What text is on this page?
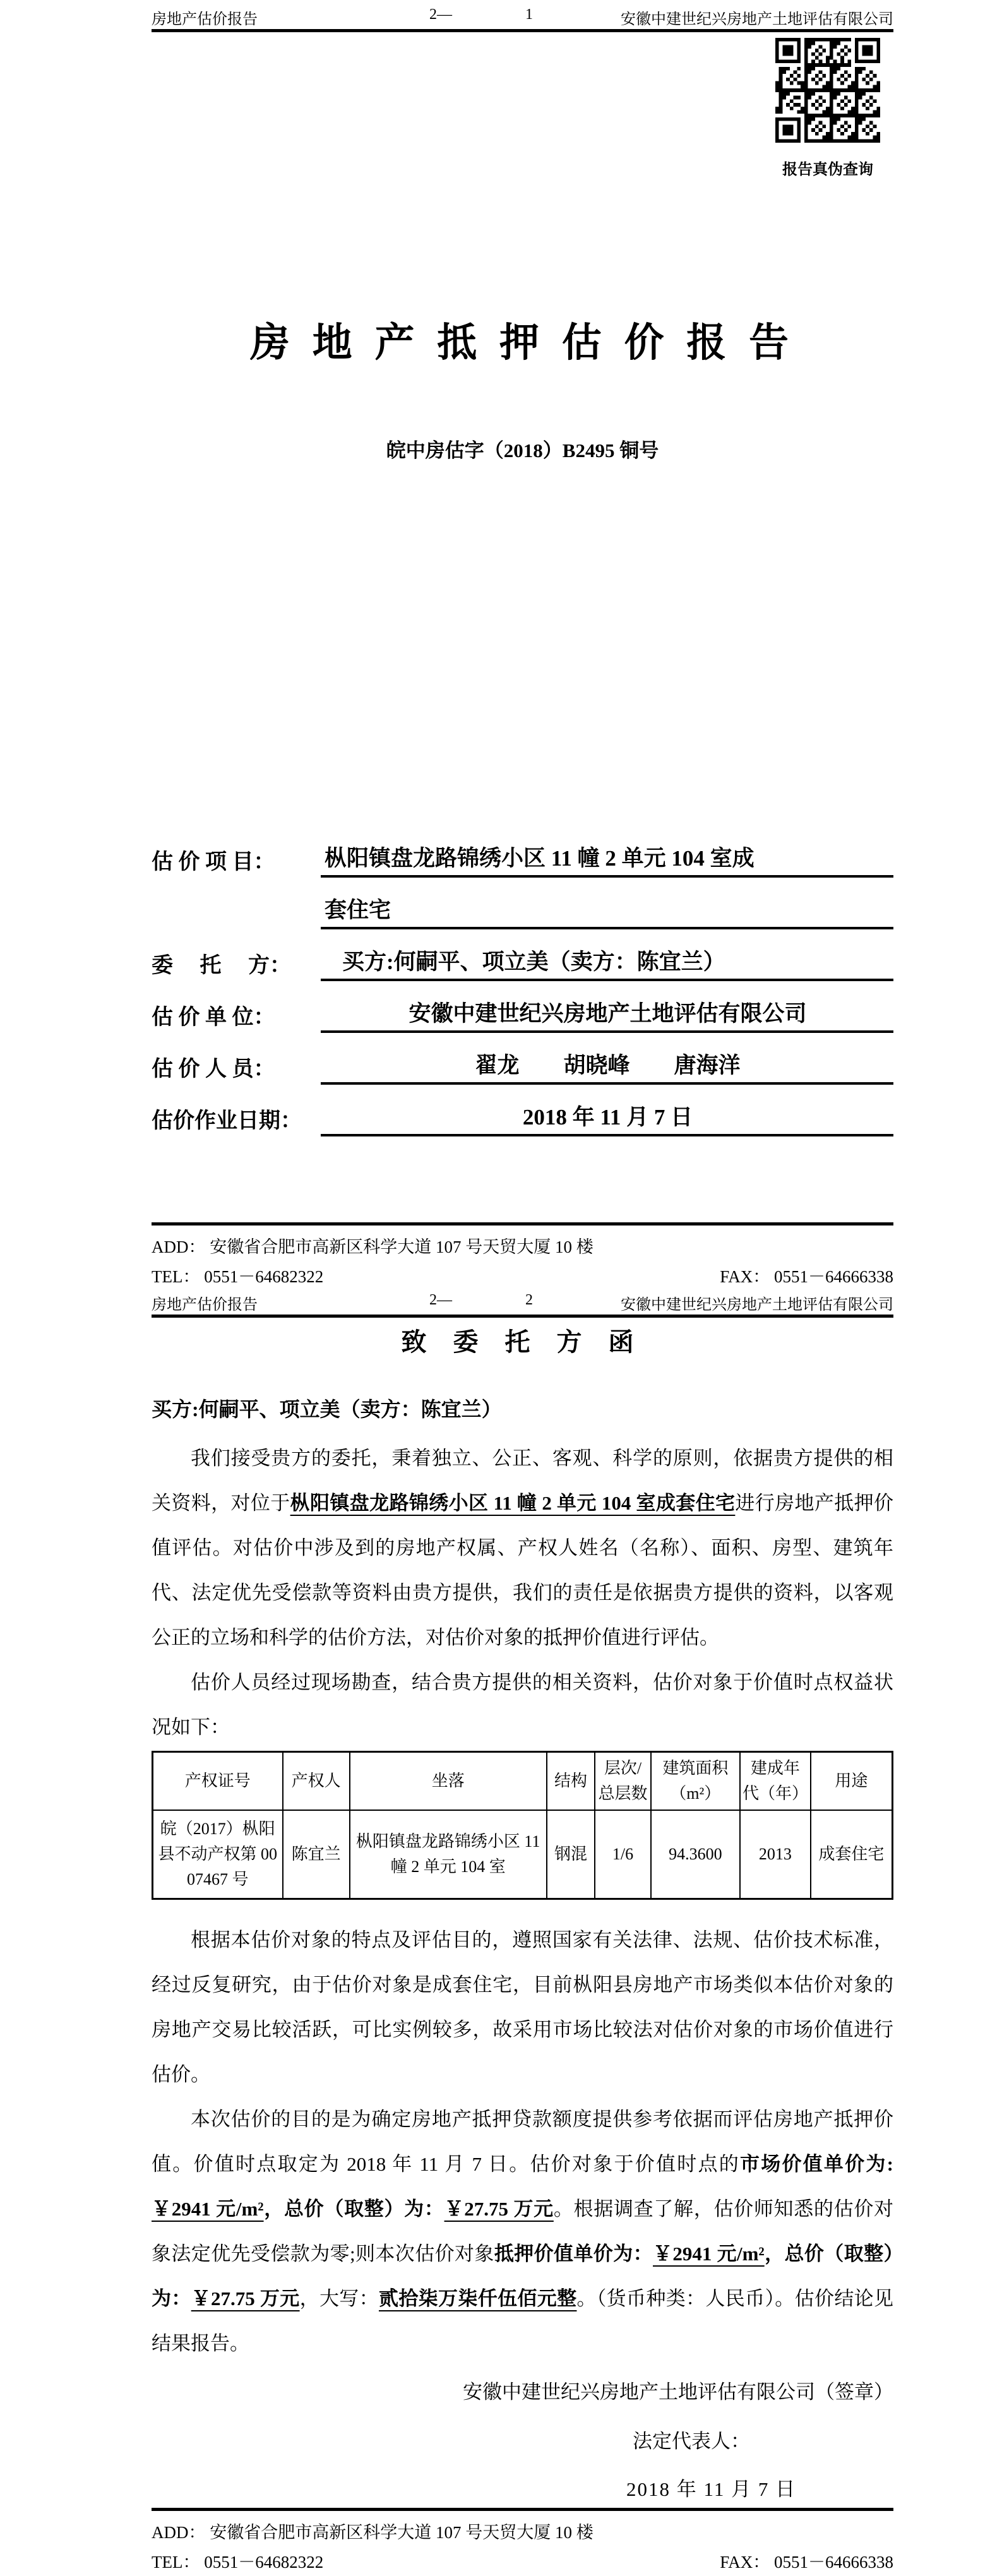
房地产估价报告	2—	1	安徽中建世纪兴房地产土地评估有限公司
报告真伪查询
房 地 产 抵 押 估 价 报 告
皖中房估字（2018）B2495 铜号
估 价 项 目：	枞阳镇盘龙路锦绣小区 11 幢 2 单元 104 室成
套住宅
委　 托　 方：	买方:何嗣平、项立美（卖方：陈宜兰）
估 价 单 位：	安徽中建世纪兴房地产土地评估有限公司
估 价 人 员：	翟龙　　胡晓峰　　唐海洋
估价作业日期：	2018 年 11 月 7 日
ADD： 安徽省合肥市高新区科学大道 107 号天贸大厦 10 楼
TEL： 0551－64682322	FAX： 0551－64666338
房地产估价报告	2—	2	安徽中建世纪兴房地产土地评估有限公司
致 委 托 方 函
买方:何嗣平、项立美（卖方：陈宜兰）

我们接受贵方的委托，秉着独立、公正、客观、科学的原则，依据贵方提供的相关资料，对位于枞阳镇盘龙路锦绣小区 11 幢 2 单元 104 室成套住宅进行房地产抵押价值评估。对估价中涉及到的房地产权属、产权人姓名（名称）、面积、房型、建筑年代、法定优先受偿款等资料由贵方提供，我们的责任是依据贵方提供的资料，以客观公正的立场和科学的估价方法，对估价对象的抵押价值进行评估。

估价人员经过现场勘查，结合贵方提供的相关资料，估价对象于价值时点权益状况如下：

产权证号	产权人	坐落	结构	层次/总层数	建筑面积（m²）	建成年代（年）	用途
皖（2017）枞阳县不动产权第 0007467 号	陈宜兰	枞阳镇盘龙路锦绣小区 11 幢 2 单元 104 室	钢混	1/6	94.3600	2013	成套住宅

根据本估价对象的特点及评估目的，遵照国家有关法律、法规、估价技术标准，经过反复研究，由于估价对象是成套住宅，目前枞阳县房地产市场类似本估价对象的房地产交易比较活跃，可比实例较多，故采用市场比较法对估价对象的市场价值进行估价。

本次估价的目的是为确定房地产抵押贷款额度提供参考依据而评估房地产抵押价值。价值时点取定为 2018 年 11 月 7 日。估价对象于价值时点的市场价值单价为: ￥2941 元/m²，总价（取整）为：￥27.75 万元。根据调查了解，估价师知悉的估价对象法定优先受偿款为零;则本次估价对象抵押价值单价为：￥2941 元/m²，总价（取整）为：￥27.75 万元，大写：贰拾柒万柒仟伍佰元整。（货币种类：人民币）。估价结论见结果报告。

安徽中建世纪兴房地产土地评估有限公司（签章）
法定代表人：
2018 年 11 月 7 日
ADD： 安徽省合肥市高新区科学大道 107 号天贸大厦 10 楼
TEL： 0551－64682322	FAX： 0551－64666338
